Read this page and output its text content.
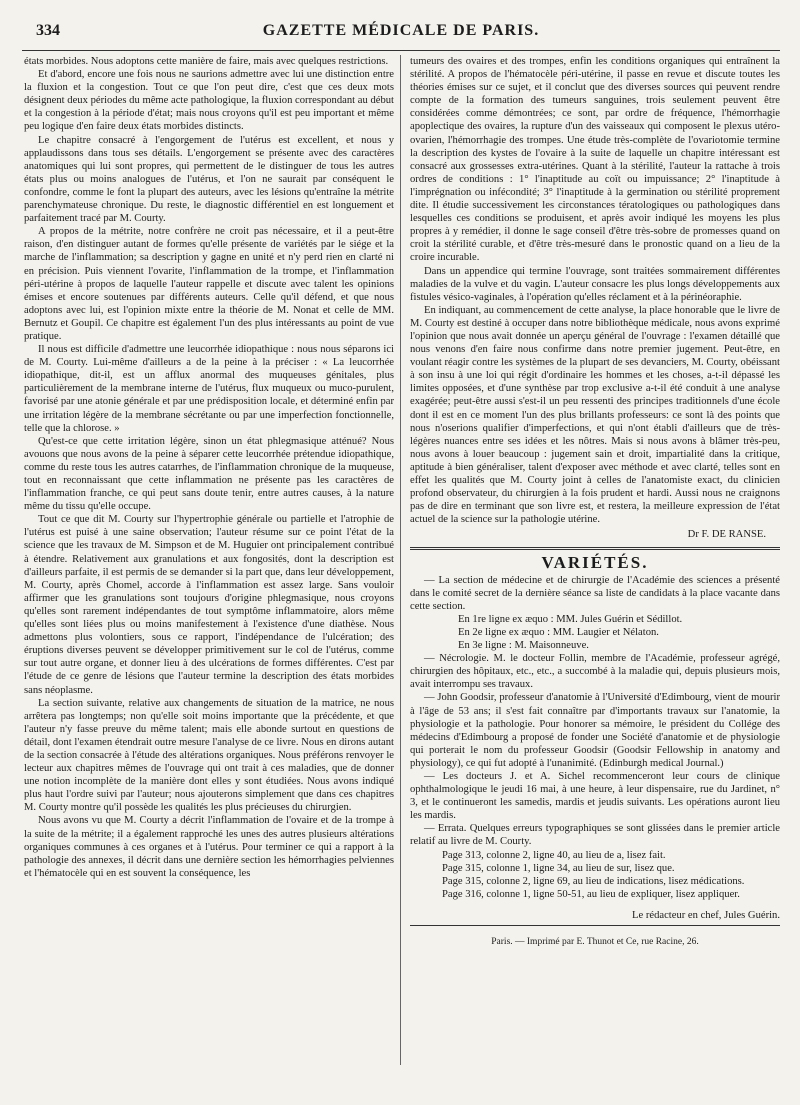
334	GAZETTE MÉDICALE DE PARIS.

états morbides. Nous adoptons cette manière de faire, mais avec quelques restrictions.

Et d'abord, encore une fois nous ne saurions admettre avec lui une distinction entre la fluxion et la congestion. Tout ce que l'on peut dire, c'est que ces deux mots désignent deux périodes du même acte pathologique, la fluxion correspondant au début et la congestion à la période d'état; mais nous croyons qu'il est peu important et même peu logique d'en faire deux états morbides distincts.

Le chapitre consacré à l'engorgement de l'utérus est excellent, et nous y applaudissons dans tous ses détails. L'engorgement se présente avec des caractères anatomiques qui lui sont propres, qui permettent de le distinguer de tous les autres états plus ou moins analogues de l'utérus, et l'on ne saurait par conséquent le confondre, comme le font la plupart des auteurs, avec les lésions qu'entraîne la métrite parenchymateuse chronique. Du reste, le diagnostic différentiel en est longuement et parfaitement tracé par M. Courty.

A propos de la métrite, notre confrère ne croit pas nécessaire, et il a peut-être raison, d'en distinguer autant de formes qu'elle présente de variétés par le siége et la marche de l'inflammation; sa description y gagne en unité et n'y perd rien en clarté ni en précision. Puis viennent l'ovarite, l'inflammation de la trompe, et l'inflammation péri-utérine à propos de laquelle l'auteur rappelle et discute avec talent les opinions émises et encore soutenues par différents auteurs. Celle qu'il défend, et que nous adoptons avec lui, est l'opinion mixte entre la théorie de M. Nonat et celle de MM. Bernutz et Goupil. Ce chapitre est également l'un des plus intéressants au point de vue pratique.

Il nous est difficile d'admettre une leucorrhée idiopathique : nous nous séparons ici de M. Courty. Lui-même d'ailleurs a de la peine à la préciser : « La leucorrhée idiopathique, dit-il, est un afflux anormal des muqueuses génitales, plus particulièrement de la membrane interne de l'utérus, flux muqueux ou muco-purulent, favorisé par une atonie générale et par une prédisposition locale, et déterminé enfin par une irritation légère de la membrane sécrétante ou par une imperfection fonctionnelle, telle que la chlorose. »

Qu'est-ce que cette irritation légère, sinon un état phlegmasique atténué? Nous avouons que nous avons de la peine à séparer cette leucorrhée prétendue idiopathique, comme du reste tous les autres catarrhes, de l'inflammation chronique de la muqueuse, tout en reconnaissant que cette inflammation ne présente pas les caractères de l'inflammation franche, ce qui peut sans doute tenir, entre autres causes, à la nature même du tissu qu'elle occupe.

Tout ce que dit M. Courty sur l'hypertrophie générale ou partielle et l'atrophie de l'utérus est puisé à une saine observation; l'auteur résume sur ce point l'état de la science que les travaux de M. Simpson et de M. Huguier ont principalement contribué à étendre. Relativement aux granulations et aux fongosités, dont la description est d'ailleurs parfaite, il est permis de se demander si la part que, dans leur développement, M. Courty, après Chomel, accorde à l'inflammation est assez large. Sans vouloir affirmer que les granulations sont toujours d'origine phlegmasique, nous croyons qu'elles sont rarement indépendantes de tout symptôme inflammatoire, alors même qu'elles sont liées plus ou moins manifestement à l'existence d'une diathèse. Nous admettons plus volontiers, sous ce rapport, l'indépendance de l'ulcération; des éruptions diverses peuvent se développer primitivement sur le col de l'utérus, comme sur tout autre organe, et donner lieu à des ulcérations de formes différentes. C'est par l'étude de ce genre de lésions que l'auteur termine la description des états morbides sans néoplasme.

La section suivante, relative aux changements de situation de la matrice, ne nous arrêtera pas longtemps; non qu'elle soit moins importante que la précédente, et que l'auteur n'y fasse preuve du même talent; mais elle abonde surtout en questions de détail, dont l'examen étendrait outre mesure l'analyse de ce livre. Nous en dirons autant de la section consacrée à l'étude des altérations organiques. Nous préférons renvoyer le lecteur aux chapitres mêmes de l'ouvrage qui ont trait à ces maladies, que de donner une notion incomplète de la manière dont elles y sont étudiées. Nous avons indiqué plus haut l'ordre suivi par l'auteur; nous ajouterons simplement que dans ces chapitres M. Courty montre qu'il possède les qualités les plus précieuses du chirurgien.

Nous avons vu que M. Courty a décrit l'inflammation de l'ovaire et de la trompe à la suite de la métrite; il a également rapproché les unes des autres plusieurs altérations organiques communes à ces organes et à l'utérus. Pour terminer ce qui a rapport à la pathologie des annexes, il décrit dans une dernière section les hémorrhagies pelviennes et l'hématocèle qui en est souvent la conséquence, les

tumeurs des ovaires et des trompes, enfin les conditions organiques qui entraînent la stérilité. A propos de l'hématocèle péri-utérine, il passe en revue et discute toutes les théories émises sur ce sujet, et il conclut que des diverses sources qui peuvent rendre compte de la formation des tumeurs sanguines, trois seulement peuvent être considérées comme démontrées; ce sont, par ordre de fréquence, l'hémorrhagie apoplectique des ovaires, la rupture d'un des vaisseaux qui composent le plexus utéro-ovarien, l'hémorrhagie des trompes. Une étude très-complète de l'ovariotomie termine la description des kystes de l'ovaire à la suite de laquelle un chapitre intéressant est consacré aux grossesses extra-utérines. Quant à la stérilité, l'auteur la rattache à trois ordres de conditions : 1° l'inaptitude au coït ou impuissance; 2° l'inaptitude à l'imprégnation ou infécondité; 3° l'inaptitude à la germination ou stérilité proprement dite. Il étudie successivement les circonstances tératologiques ou pathologiques dans lesquelles ces conditions se produisent, et après avoir indiqué les moyens les plus propres à y remédier, il donne le sage conseil d'être très-sobre de promesses quand on croit la stérilité curable, et d'être très-mesuré dans le pronostic quand on a lieu de la croire incurable.

Dans un appendice qui termine l'ouvrage, sont traitées sommairement différentes maladies de la vulve et du vagin. L'auteur consacre les plus longs développements aux fistules vésico-vaginales, à l'opération qu'elles réclament et à la périnéoraphie.

En indiquant, au commencement de cette analyse, la place honorable que le livre de M. Courty est destiné à occuper dans notre bibliothèque médicale, nous avons exprimé l'opinion que nous avait donnée un aperçu général de l'ouvrage : l'examen détaillé que nous venons d'en faire nous confirme dans notre premier jugement. Peut-être, en voulant réagir contre les systèmes de la plupart de ses devanciers, M. Courty, obéissant à son insu à une loi qui régit d'ordinaire les hommes et les choses, a-t-il dépassé les limites opposées, et d'une synthèse par trop exclusive a-t-il été conduit à une analyse exagérée; peut-être aussi s'est-il un peu ressenti des principes traditionnels d'une école dont il est en ce moment l'un des plus brillants professeurs: ce sont là des points que nous n'oserions qualifier d'imperfections, et qui n'ont établi d'ailleurs que de très-légères nuances entre ses idées et les nôtres. Mais si nous avons à blâmer très-peu, nous avons à louer beaucoup : jugement sain et droit, impartialité dans la critique, aptitude à bien généraliser, talent d'exposer avec méthode et avec clarté, telles sont en effet les qualités que M. Courty joint à celles de l'anatomiste exact, du clinicien profond observateur, du chirurgien à la fois prudent et hardi. Aussi nous ne craignons pas de dire en terminant que son livre est, et restera, la meilleure expression de l'état actuel de la science sur la pathologie utérine.

Dr F. DE RANSE.
VARIÉTÉS.

— La section de médecine et de chirurgie de l'Académie des sciences a présenté dans le comité secret de la dernière séance sa liste de candidats à la place vacante dans cette section.

En 1re ligne ex æquo : MM. Jules Guérin et Sédillot.

En 2e ligne ex æquo : MM. Laugier et Nélaton.

En 3e ligne : M. Maisonneuve.

— Nécrologie. M. le docteur Follin, membre de l'Académie, professeur agrégé, chirurgien des hôpitaux, etc., etc., a succombé à la maladie qui, depuis plusieurs mois, avait interrompu ses travaux.

— John Goodsir, professeur d'anatomie à l'Université d'Edimbourg, vient de mourir à l'âge de 53 ans; il s'est fait connaître par d'importants travaux sur l'anatomie, la physiologie et la pathologie. Pour honorer sa mémoire, le président du Collége des médecins d'Edimbourg a proposé de fonder une Société d'anatomie et de physiologie qui porterait le nom du professeur Goodsir (Goodsir Fellowship in anatomy and physiology), ce qui fut adopté à l'unanimité. (Edinburgh medical Journal.)

— Les docteurs J. et A. Sichel recommenceront leur cours de clinique ophthalmologique le jeudi 16 mai, à une heure, à leur dispensaire, rue du Jardinet, n° 3, et le continueront les samedis, mardis et jeudis suivants. Les opérations auront lieu les mardis.

— Errata. Quelques erreurs typographiques se sont glissées dans le premier article relatif au livre de M. Courty.

Page 313, colonne 2, ligne 40, au lieu de a, lisez fait.

Page 315, colonne 1, ligne 34, au lieu de sur, lisez que.

Page 315, colonne 2, ligne 69, au lieu de indications, lisez médications.

Page 316, colonne 1, ligne 50-51, au lieu de expliquer, lisez appliquer.

Le rédacteur en chef, Jules Guérin.
Paris. — Imprimé par E. Thunot et Ce, rue Racine, 26.
